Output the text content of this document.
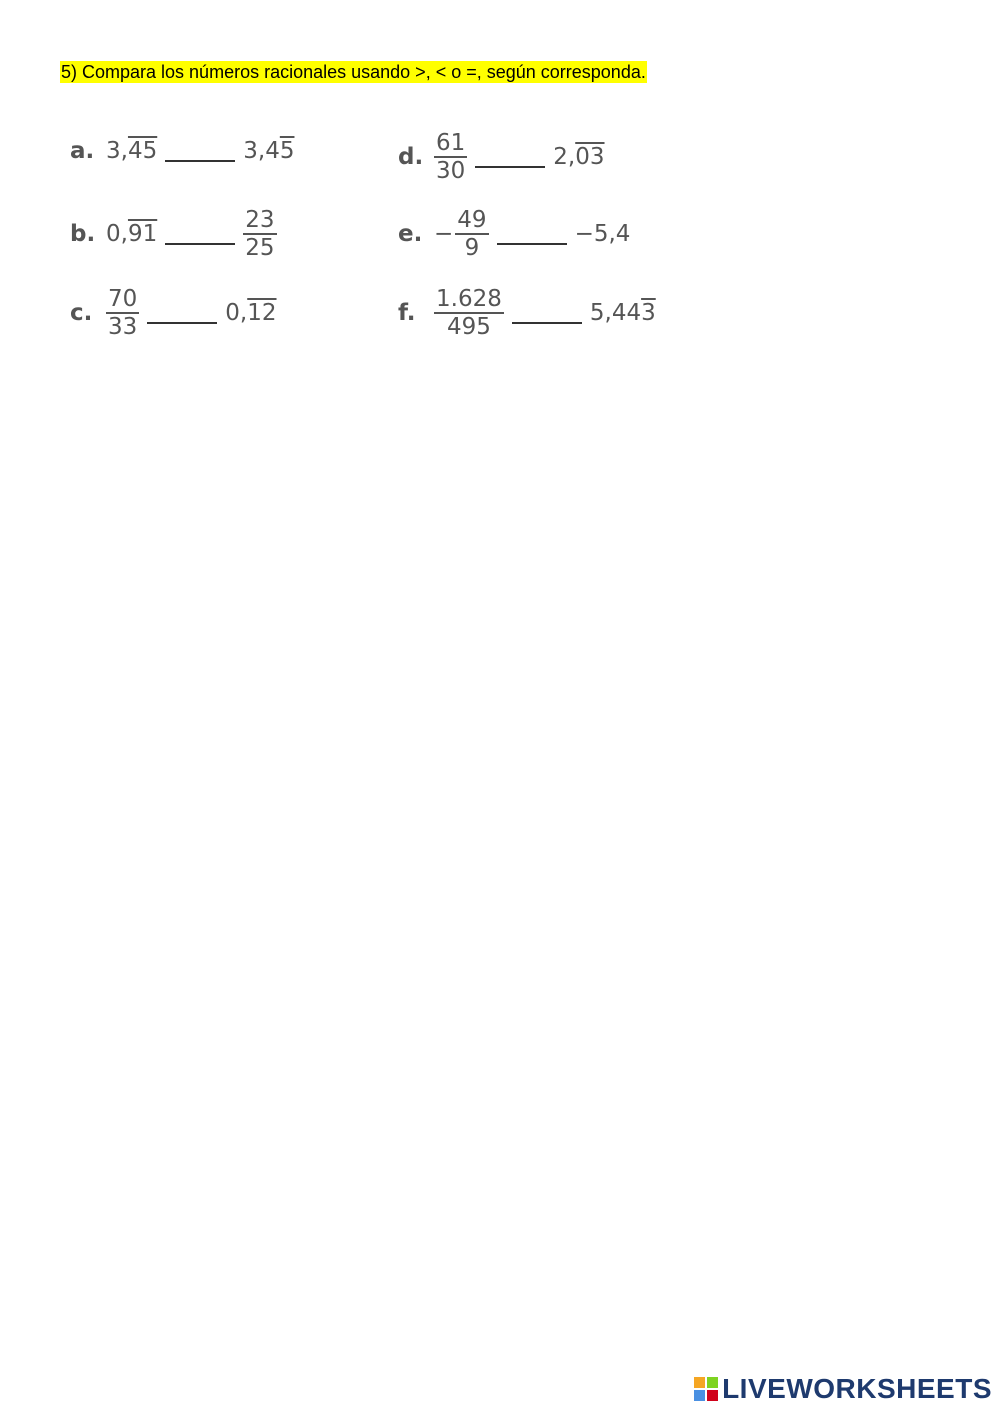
5) Compara los números racionales usando >, < o =, según corresponda.
a. 3,45	3,45
b. 0,91	$\frac{23}{25}$
c. $\frac{70}{33}$	0,12
d. $\frac{61}{30}$	2,03
e. − $\frac{49}{9}$	−5,4
f. $\frac{1.628}{495}$	5,443
LIVEWORKSHEETS
